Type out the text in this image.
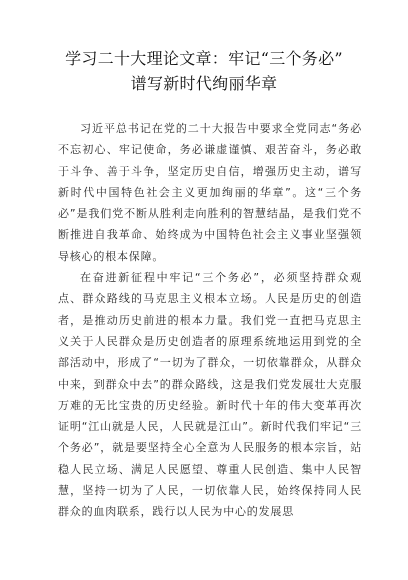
学习二十大理论文章：牢记“三个务必”
谱写新时代绚丽华章

习近平总书记在党的二十大报告中要求全党同志“务必不忘初心、牢记使命，务必谦虚谨慎、艰苦奋斗，务必敢于斗争、善于斗争，坚定历史自信，增强历史主动，谱写新时代中国特色社会主义更加绚丽的华章”。这“三个务必”是我们党不断从胜利走向胜利的智慧结晶，是我们党不断推进自我革命、始终成为中国特色社会主义事业坚强领导核心的根本保障。

在奋进新征程中牢记“三个务必”，必须坚持群众观点、群众路线的马克思主义根本立场。人民是历史的创造者，是推动历史前进的根本力量。我们党一直把马克思主义关于人民群众是历史创造者的原理系统地运用到党的全部活动中，形成了“一切为了群众，一切依靠群众，从群众中来，到群众中去”的群众路线，这是我们党发展壮大克服万难的无比宝贵的历史经验。新时代十年的伟大变革再次证明“江山就是人民，人民就是江山”。新时代我们牢记“三个务必”，就是要坚持全心全意为人民服务的根本宗旨，站稳人民立场、满足人民愿望、尊重人民创造、集中人民智慧，坚持一切为了人民，一切依靠人民，始终保持同人民群众的血肉联系，践行以人民为中心的发展思
